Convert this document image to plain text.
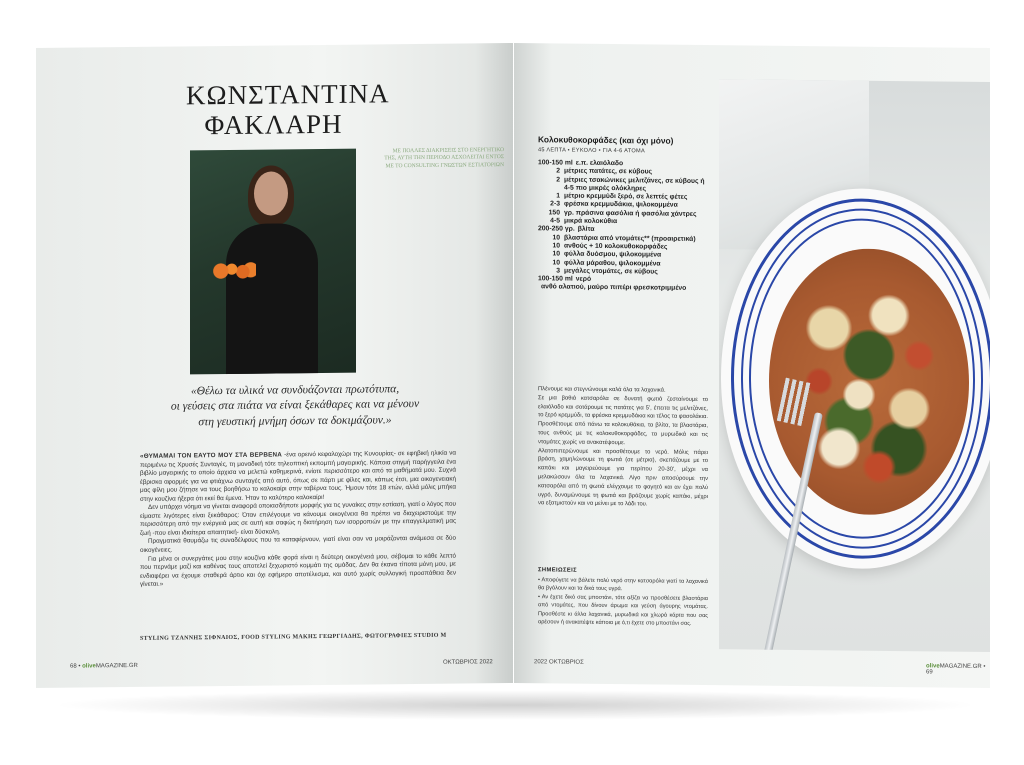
ΚΩΝΣΤΑΝΤΙΝΑ
ΦΑΚΛΑΡΗ
ΜΕ ΠΟΛΛΕΣ ΔΙΑΚΡΙΣΕΙΣ ΣΤΟ ΕΝΕΡΓΗΤΙΚΟ ΤΗΣ, ΑΥΤΗ ΤΗΝ ΠΕΡΙΟΔΟ ΑΣΧΟΛΕΙΤΑΙ ΕΝΤΟΣ ΜΕ ΤΟ CONSULTING ΓΝΩΣΤΩΝ ΕΣΤΙΑΤΟΡΙΩΝ
«Θέλω τα υλικά να συνδυάζονται πρωτότυπα,
οι γεύσεις στα πιάτα να είναι ξεκάθαρες και να μένουν
στη γευστική μνήμη όσων τα δοκιμάζουν.»

«ΘΥΜΑΜΑΙ ΤΟΝ ΕΑΥΤΟ ΜΟΥ ΣΤΑ ΒΕΡΒΕΝΑ -ένα ορεινό κεφαλοχώρι της Κυνουρίας- σε εφηβική ηλικία να περιμένω τις Χρυσές Συνταγές, τη μοναδική τότε τηλεοπτική εκπομπή μαγειρικής. Κάποια στιγμή παρήγγειλα ένα βιβλίο μαγειρικής το οποίο άρχισα να μελετώ καθημερινά, ενίοτε περισσότερο και από τα μαθήματά μου. Συχνά έβρισκα αφορμές για να φτιάχνω συνταγές από αυτό, όπως σε πάρτι με φίλες και, κάπως έτσι, μια οικογενειακή μας φίλη μου ζήτησε να τους βοηθήσω το καλοκαίρι στην ταβέρνα τους. Ήμουν τότε 18 ετών, αλλά μόλις μπήκα στην κουζίνα ήξερα ότι εκεί θα έμενα. Ήταν το καλύτερο καλοκαίρι!

Δεν υπάρχει νόημα να γίνεται αναφορά οποιασδήποτε μορφής για τις γυναίκες στην εστίαση, γιατί ο λόγος που είμαστε λιγότερες είναι ξεκάθαρος: Όταν επιλέγουμε να κάνουμε οικογένεια θα πρέπει να διαχειριστούμε την περισσότερη από την ενέργειά μας σε αυτή και σαφώς η διατήρηση των ισορροπιών με την επαγγελματική μας ζωή -που είναι ιδιαίτερα απαιτητική- είναι δύσκολη.

Πραγματικά θαυμάζω τις συναδέλφους που τα καταφέρνουν, γιατί είναι σαν να μοιράζονται ανάμεσα σε δύο οικογένειες.

Για μένα οι συνεργάτες μου στην κουζίνα κάθε φορά είναι η δεύτερη οικογένειά μου, σέβομαι το κάθε λεπτό που περνάμε μαζί και καθένας τους αποτελεί ξεχωριστό κομμάτι της ομάδας. Δεν θα έκανα τίποτα μόνη μου, με ενδιαφέρει να έχουμε σταθερά άρτιο και όχι εφήμερο αποτέλεσμα, και αυτό χωρίς συλλογική προσπάθεια δεν γίνεται.»

STYLING ΤΖΑΝΝΗΣ ΣΙΦΝΑΙΟΣ, FOOD STYLING ΜΑΚΗΣ ΓΕΩΡΓΙΑΔΗΣ, ΦΩΤΟΓΡΑΦΙΕΣ STUDIO M
68 • oliveMAGAZINE.GR
ΟΚΤΩΒΡΙΟΣ 2022
Κολοκυθοκορφάδες (και όχι μόνο)
45 ΛΕΠΤΑ • ΕΥΚΟΛΟ • ΓΙΑ 4-6 ΑΤΟΜΑ
100-150 ml ε.π. ελαιόλαδο
2 μέτριες πατάτες, σε κύβους
2 μέτριες τσακώνικες μελιτζάνες, σε κύβους ή 4-5 πιο μικρές ολόκληρες
1 μέτριο κρεμμύδι ξερό, σε λεπτές φέτες
2-3 φρέσκα κρεμμυδάκια, ψιλοκομμένα
150 γρ. πράσινα φασόλια ή φασόλια χάντρες
4-5 μικρά κολοκύθια
200-250 γρ. βλίτα
10 βλαστάρια από ντομάτες** (προαιρετικά)
10 ανθούς + 10 κολοκυθοκορφάδες
10 φύλλα δυόσμου, ψιλοκομμένα
10 φύλλα μάραθου, ψιλοκομμένα
3 μεγάλες ντομάτες, σε κύβους
100-150 ml νερό
ανθό αλατιού, μαύρο πιπέρι φρεσκοτριμμένο

Πλένουμε και στεγνώνουμε καλά όλα τα λαχανικά.

Σε μια βαθιά κατσαρόλα σε δυνατή φωτιά ζεσταίνουμε το ελαιόλαδο και σοτάρουμε τις πατάτες για 5', έπειτα τις μελιτζάνες, το ξερό κρεμμύδι, τα φρέσκα κρεμμυδάκια και τέλος τα φασολάκια.

Προσθέτουμε από πάνω τα κολοκυθάκια, τα βλίτα, τα βλαστάρια, τους ανθούς με τις κολοκυθοκορφάδες, τα μυρωδικά και τις ντομάτες χωρίς να ανακατέψουμε.

Αλατοπιπερώνουμε και προσθέτουμε το νερό. Μόλις πάρει βράση, χαμηλώνουμε τη φωτιά (σε μέτρια), σκεπάζουμε με το καπάκι και μαγειρεύουμε για περίπου 20-30', μέχρι να μελακώσουν όλα τα λαχανικά. Λίγο πριν αποσύρουμε την κατσαρόλα από τη φωτιά ελέγχουμε το φαγητό και αν έχει πολύ υγρό, δυναμώνουμε τη φωτιά και βράζουμε χωρίς καπάκι, μέχρι να εξατμιστούν και να μείνει με το λάδι του.

ΣΗΜΕΙΩΣΕΙΣ

• Αποφύγετε να βάλετε πολύ νερό στην κατσαρόλα γιατί τα λαχανικά θα βγάλουν και τα δικά τους υγρά.

• Αν έχετε δικό σας μποστάνι, τότε αξίζει να προσθέσετε βλαστάρια από ντομάτες, που δίνουν άρωμα και γεύση άγουρης ντομάτας. Προσθέστε κι άλλα λαχανικά, μυρωδικά και χλωρά κάρτα που σας αρέσουν ή ανακατέψτε κάποια με ό,τι έχετε στο μποστάνι σας.

2022 ΟΚΤΩΒΡΙΟΣ
oliveMAGAZINE.GR • 69
